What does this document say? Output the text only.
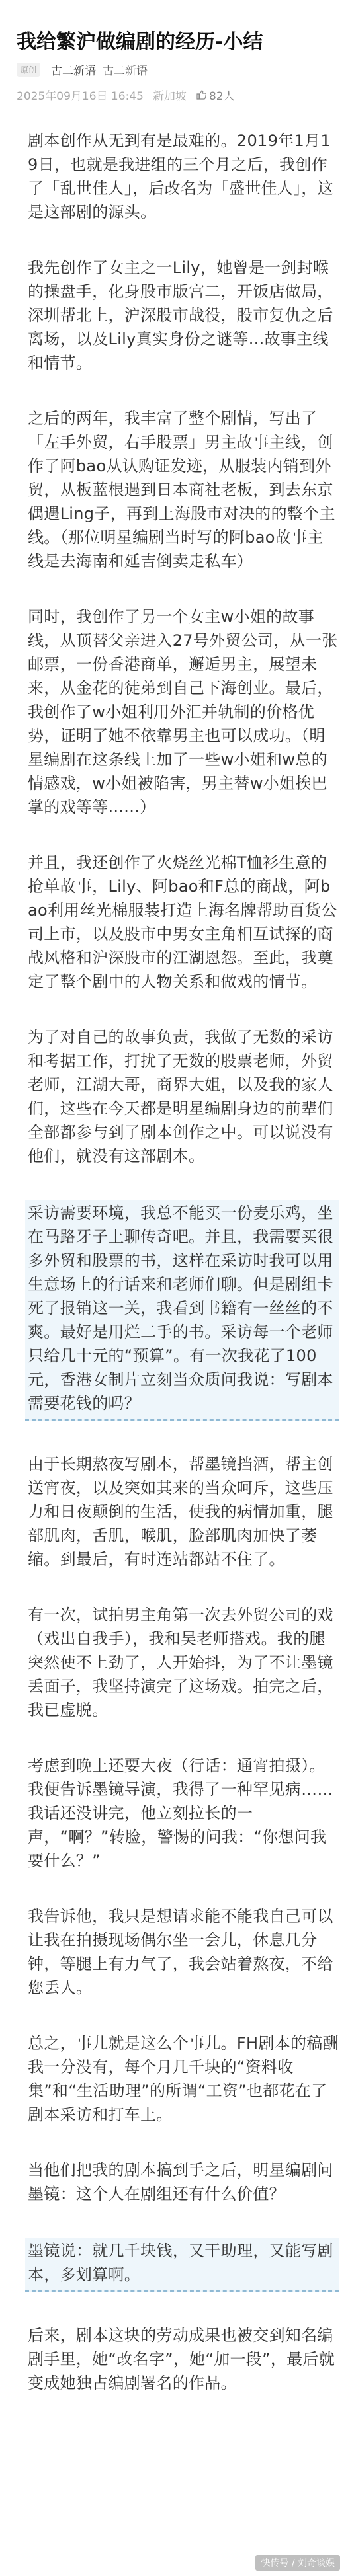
我给繁沪做编剧的经历-小结
原创	古二新语 古二新语
2025年09月16日 16:45 新加坡 82人

剧本创作从无到有是最难的。2019年1月19日，也就是我进组的三个月之后，我创作了「乱世佳人」，后改名为「盛世佳人」，这是这部剧的源头。

我先创作了女主之一Lily，她曾是一剑封喉的操盘手，化身股市版宫二，开饭店做局，深圳帮北上，沪深股市战役，股市复仇之后离场，以及Lily真实身份之谜等...故事主线和情节。

之后的两年，我丰富了整个剧情，写出了「左手外贸，右手股票」男主故事主线，创作了阿bao从认购证发迹，从服装内销到外贸，从板蓝根遇到日本商社老板，到去东京偶遇Ling子，再到上海股市对决的的整个主线。（那位明星编剧当时写的阿bao故事主线是去海南和延吉倒卖走私车）

同时，我创作了另一个女主w小姐的故事线，从顶替父亲进入27号外贸公司，从一张邮票，一份香港商单，邂逅男主，展望未来，从金花的徒弟到自己下海创业。最后，我创作了w小姐利用外汇并轨制的价格优势，证明了她不依靠男主也可以成功。（明星编剧在这条线上加了一些w小姐和w总的情感戏，w小姐被陷害，男主替w小姐挨巴掌的戏等等......）

并且，我还创作了火烧丝光棉T恤衫生意的抢单故事，Lily、阿bao和F总的商战，阿bao利用丝光棉服装打造上海名牌帮助百货公司上市，以及股市中男女主角相互试探的商战风格和沪深股市的江湖恩怨。至此，我奠定了整个剧中的人物关系和做戏的情节。

为了对自己的故事负责，我做了无数的采访和考据工作，打扰了无数的股票老师，外贸老师，江湖大哥，商界大姐，以及我的家人们，这些在今天都是明星编剧身边的前辈们全部都参与到了剧本创作之中。可以说没有他们，就没有这部剧本。

采访需要环境，我总不能买一份麦乐鸡，坐在马路牙子上聊传奇吧。并且，我需要买很多外贸和股票的书，这样在采访时我可以用生意场上的行话来和老师们聊。但是剧组卡死了报销这一关，我看到书籍有一丝丝的不爽。最好是用烂二手的书。采访每一个老师只给几十元的“预算”。有一次我花了100元，香港女制片立刻当众质问我说：写剧本需要花钱的吗？

由于长期熬夜写剧本，帮墨镜挡酒，帮主创送宵夜，以及突如其来的当众呵斥，这些压力和日夜颠倒的生活，使我的病情加重，腿部肌肉，舌肌，喉肌，脸部肌肉加快了萎缩。到最后，有时连站都站不住了。

有一次，试拍男主角第一次去外贸公司的戏（戏出自我手），我和吴老师搭戏。我的腿突然使不上劲了，人开始抖，为了不让墨镜丢面子，我坚持演完了这场戏。拍完之后，我已虚脱。

考虑到晚上还要大夜（行话：通宵拍摄）。我便告诉墨镜导演，我得了一种罕见病……我话还没讲完，他立刻拉长的一声，“啊？”转脸，警惕的问我：“你想问我要什么？”

我告诉他，我只是想请求能不能我自己可以让我在拍摄现场偶尔坐一会儿，休息几分钟，等腿上有力气了，我会站着熬夜，不给您丢人。

总之，事儿就是这么个事儿。FH剧本的稿酬我一分没有，每个月几千块的“资料收集”和“生活助理”的所谓“工资”也都花在了剧本采访和打车上。

当他们把我的剧本搞到手之后，明星编剧问墨镜：这个人在剧组还有什么价值？

墨镜说：就几千块钱，又干助理，又能写剧本，多划算啊。

后来，剧本这块的劳动成果也被交到知名编剧手里，她“改名字”，她“加一段”，最后就变成她独占编剧署名的作品。

快传号 / 刘奇谈娱
